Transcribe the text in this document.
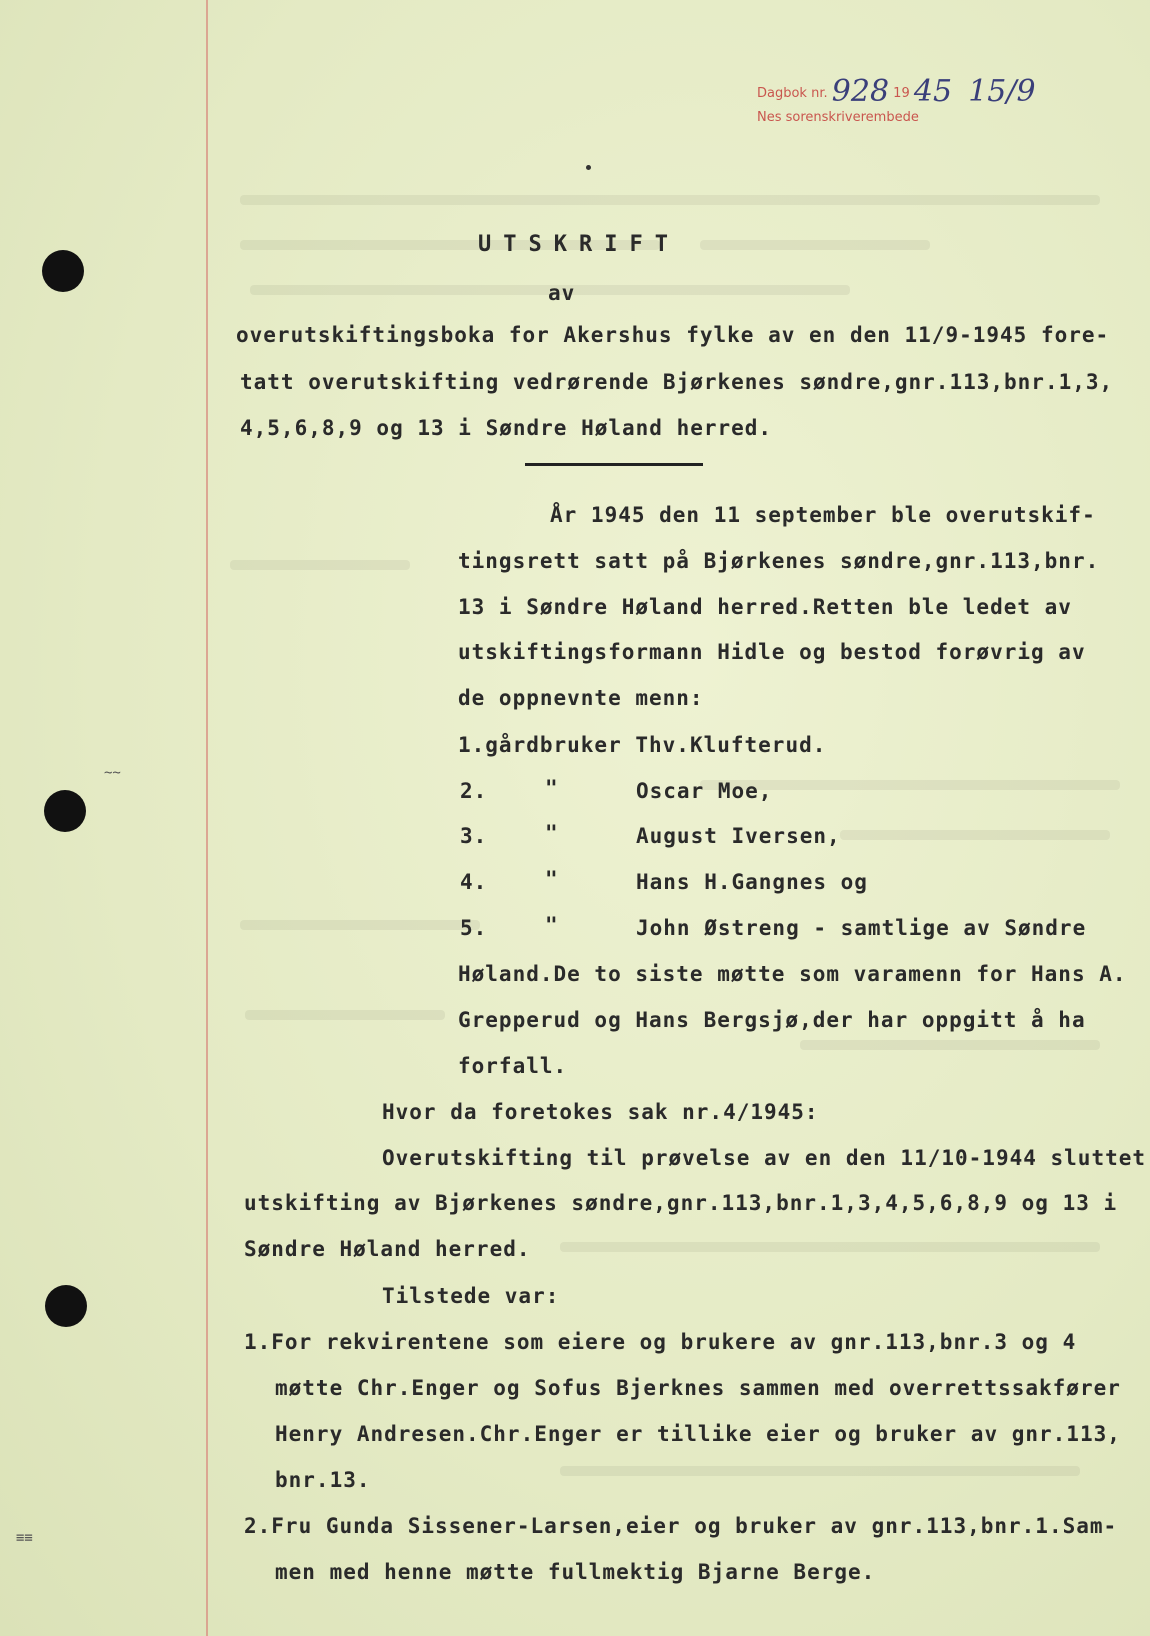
Dagbok nr. 928 19 45 15/9
Nes sorenskriverembede
UTSKRIFT
av
overutskiftingsboka for Akershus fylke av en den 11/9-1945 fore-
tatt overutskifting vedrørende Bjørkenes søndre,gnr.113,bnr.1,3,
4,5,6,8,9 og 13 i Søndre Høland herred.
År 1945 den 11 september ble overutskif-
tingsrett satt på Bjørkenes søndre,gnr.113,bnr.
13 i Søndre Høland herred.Retten ble ledet av
utskiftingsformann Hidle og bestod forøvrig av
de oppnevnte menn:
1.gårdbruker Thv.Klufterud.
2.	"	Oscar Moe,
3.	"	August Iversen,
4.	"	Hans H.Gangnes og
5.	"	John Østreng - samtlige av Søndre
Høland.De to siste møtte som varamenn for Hans A.
Grepperud og Hans Bergsjø,der har oppgitt å ha
forfall.
Hvor da foretokes sak nr.4/1945:
Overutskifting til prøvelse av en den 11/10-1944 sluttet
utskifting av Bjørkenes søndre,gnr.113,bnr.1,3,4,5,6,8,9 og 13 i
Søndre Høland herred.
Tilstede var:
1.For rekvirentene som eiere og brukere av gnr.113,bnr.3 og 4
møtte Chr.Enger og Sofus Bjerknes sammen med overrettssakfører
Henry Andresen.Chr.Enger er tillike eier og bruker av gnr.113,
bnr.13.
2.Fru Gunda Sissener-Larsen,eier og bruker av gnr.113,bnr.1.Sam-
men med henne møtte fullmektig Bjarne Berge.
~~
≡≡
